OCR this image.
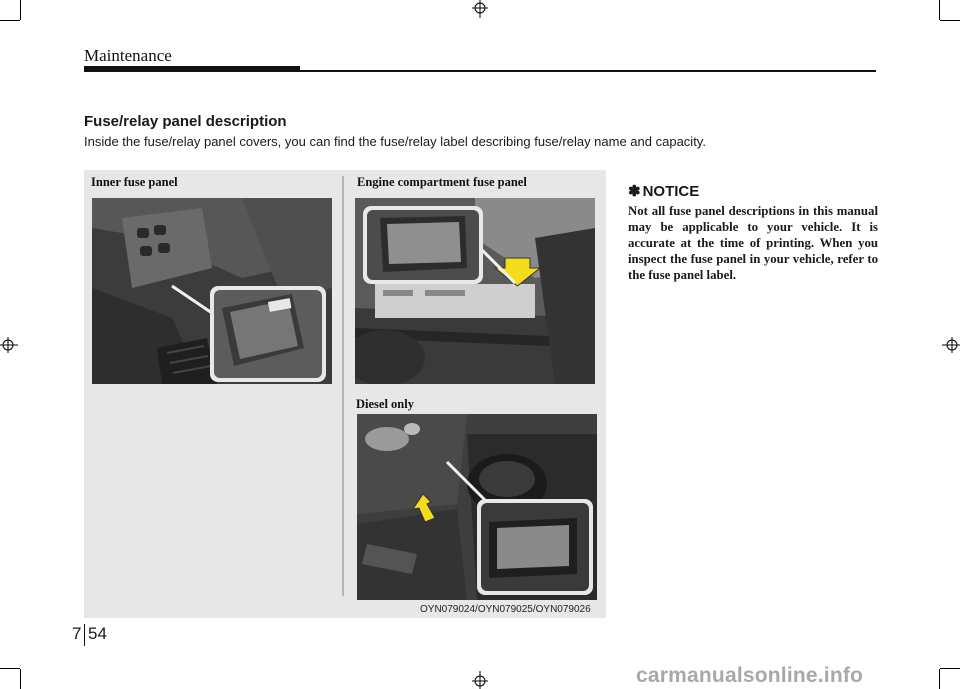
Maintenance
Fuse/relay panel description
Inside the fuse/relay panel covers, you can find the fuse/relay label describing fuse/relay name and capacity.
Inner fuse panel	Engine compartment fuse panel
Diesel only
OYN079024/OYN079025/OYN079026
✽ NOTICE
Not all fuse panel descriptions in this manual may be applicable to your vehicle. It is accurate at the time of printing. When you inspect the fuse panel in your vehicle, refer to the fuse panel label.
7 54
carmanualsonline.info
